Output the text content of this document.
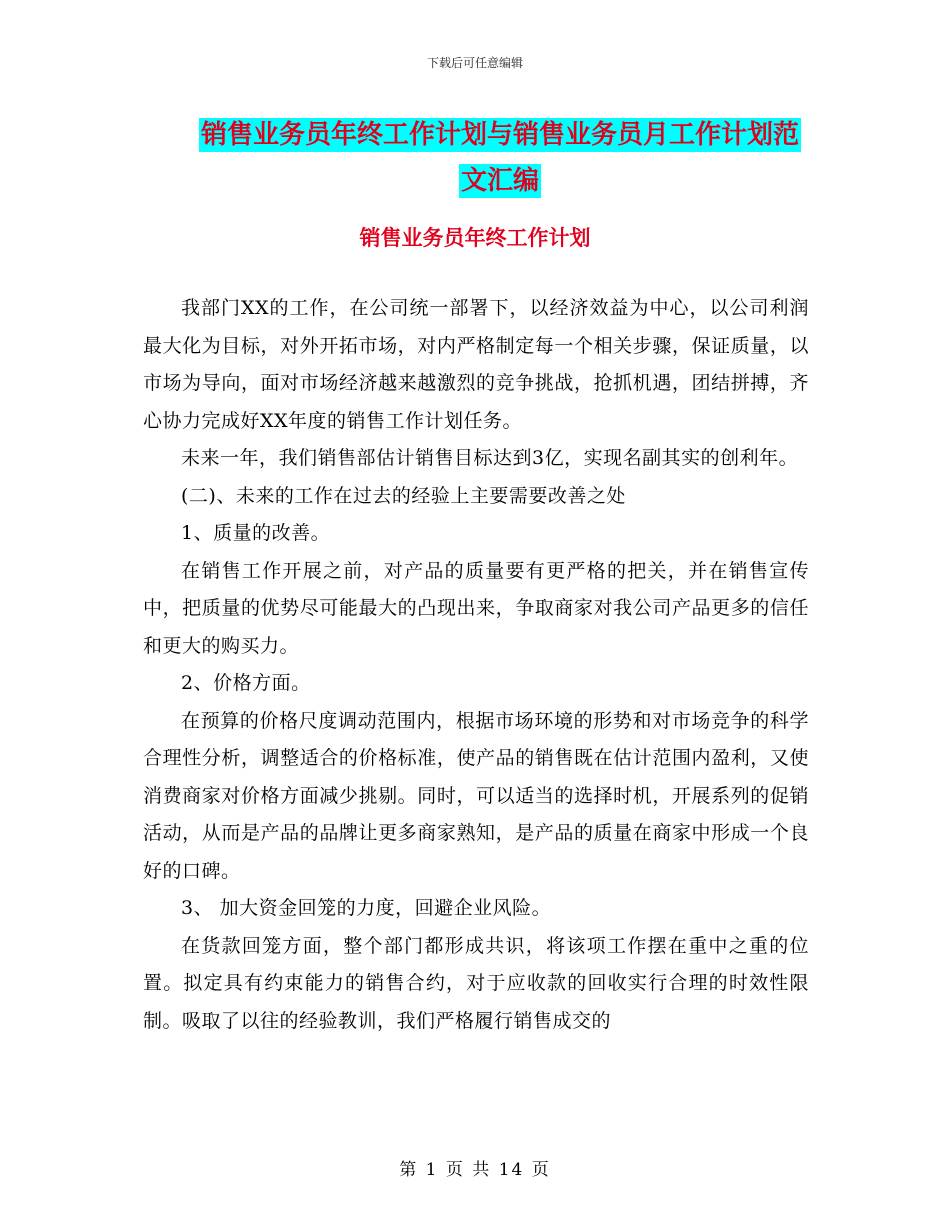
下载后可任意编辑
销售业务员年终工作计划与销售业务员月工作计划范
文汇编
销售业务员年终工作计划

我部门XX的工作，在公司统一部署下，以经济效益为中心，以公司利润最大化为目标，对外开拓市场，对内严格制定每一个相关步骤，保证质量，以市场为导向，面对市场经济越来越激烈的竞争挑战，抢抓机遇，团结拼搏，齐心协力完成好XX年度的销售工作计划任务。

未来一年，我们销售部估计销售目标达到3亿，实现名副其实的创利年。

(二)、未来的工作在过去的经验上主要需要改善之处

1、质量的改善。

在销售工作开展之前，对产品的质量要有更严格的把关，并在销售宣传中，把质量的优势尽可能最大的凸现出来，争取商家对我公司产品更多的信任和更大的购买力。

2、价格方面。

在预算的价格尺度调动范围内，根据市场环境的形势和对市场竞争的科学合理性分析，调整适合的价格标准，使产品的销售既在估计范围内盈利，又使消费商家对价格方面减少挑剔。同时，可以适当的选择时机，开展系列的促销活动，从而是产品的品牌让更多商家熟知，是产品的质量在商家中形成一个良好的口碑。

3、 加大资金回笼的力度，回避企业风险。

在货款回笼方面，整个部门都形成共识，将该项工作摆在重中之重的位置。拟定具有约束能力的销售合约，对于应收款的回收实行合理的时效性限制。吸取了以往的经验教训，我们严格履行销售成交的

第 1 页 共 14 页
